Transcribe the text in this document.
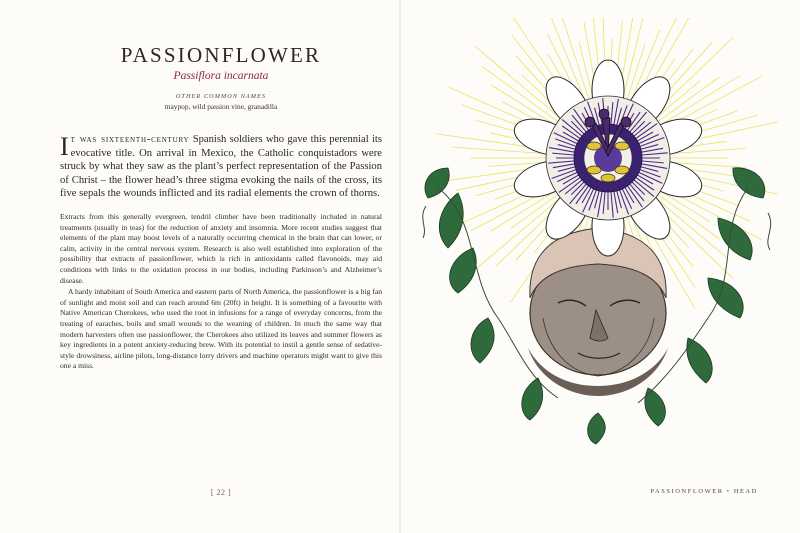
PASSIONFLOWER
Passiflora incarnata
OTHER COMMON NAMES
maypop, wild passion vine, granadilla
It was sixteenth-century Spanish soldiers who gave this perennial its evocative title. On arrival in Mexico, the Catholic conquistadors were struck by what they saw as the plant’s perfect representation of the Passion of Christ – the flower head’s three stigma evoking the nails of the cross, its five sepals the wounds inflicted and its radial elements the crown of thorns.

Extracts from this generally evergreen, tendril climber have been traditionally included in natural treatments (usually in teas) for the reduction of anxiety and insomnia. More recent studies suggest that elements of the plant may boost levels of a naturally occurring chemical in the brain that can lower, or calm, activity in the central nervous system. Research is also well established into exploration of the possibility that extracts of passionflower, which is rich in antioxidants called flavonoids, may aid conditions with links to the oxidation process in our bodies, including Parkinson’s and Alzheimer’s disease.

A hardy inhabitant of South America and eastern parts of North America, the passionflower is a big fan of sunlight and moist soil and can reach around 6m (20ft) in height. It is something of a favourite with Native American Cherokees, who used the root in infusions for a range of everyday concerns, from the treating of earaches, boils and small wounds to the weaning of children. In much the same way that modern harvesters often use passionflower, the Cherokees also utilized its leaves and summer flowers as key ingredients in a potent anxiety-reducing brew. With its potential to instil a gentle sense of sedative-style drowsiness, airline pilots, long-distance lorry drivers and machine operators might want to give this one a miss.

[ 22 ]	PASSIONFLOWER • HEAD
